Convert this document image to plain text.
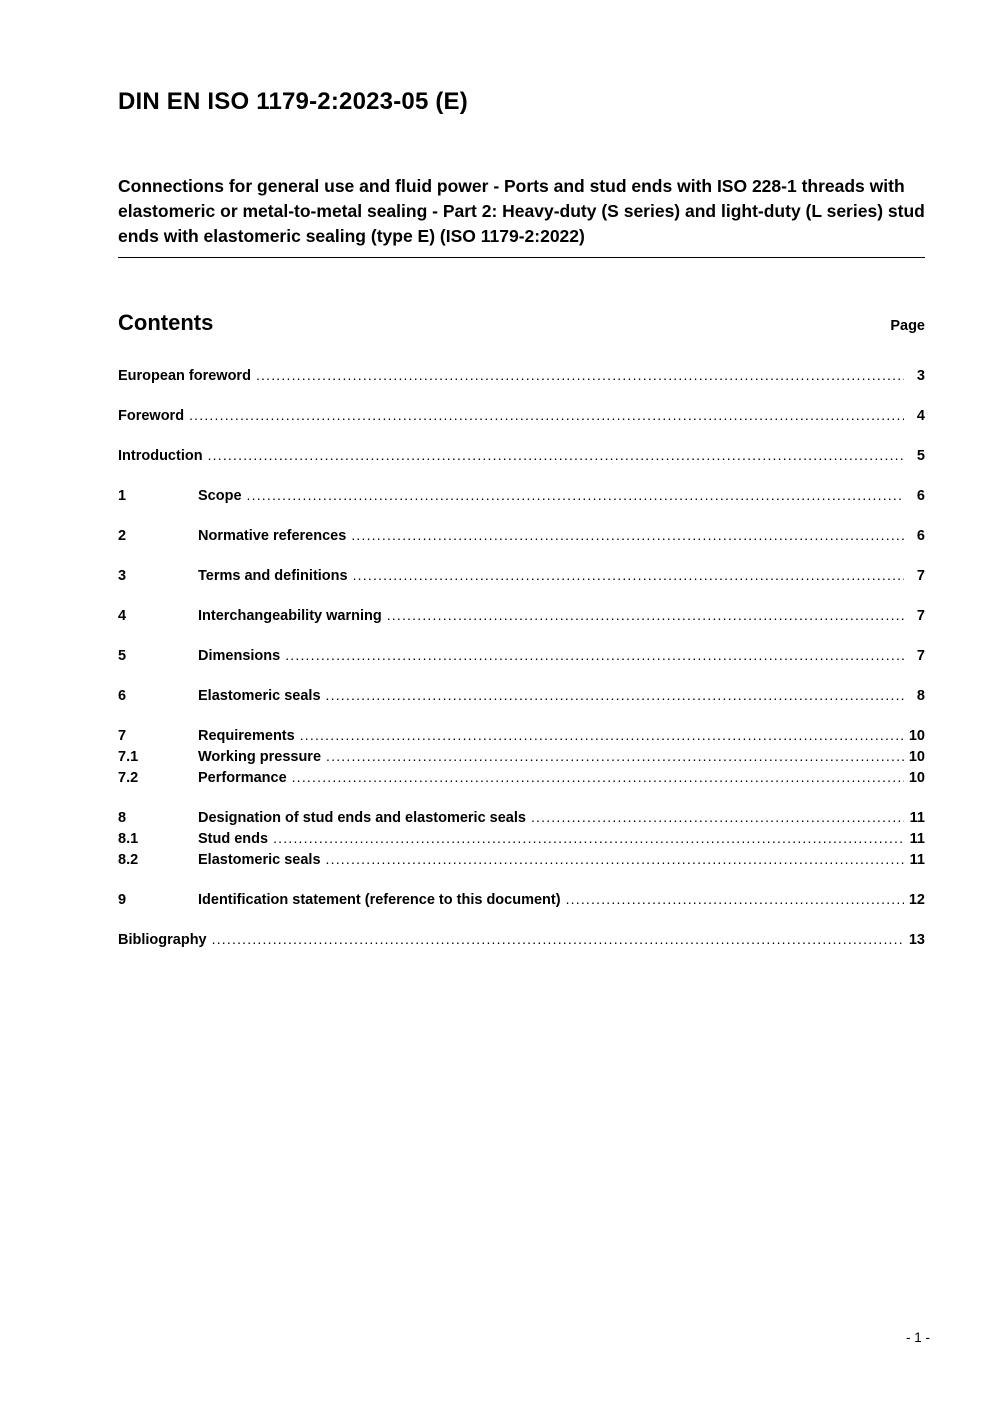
DIN EN ISO 1179-2:2023-05 (E)

Connections for general use and fluid power - Ports and stud ends with ISO 228-1 threads with elastomeric or metal-to-metal sealing - Part 2: Heavy-duty (S series) and light-duty (L series) stud ends with elastomeric sealing (type E) (ISO 1179-2:2022)

Contents	Page
European foreword .....	3
Foreword .....	4
Introduction .....	5
1	Scope .....	6
2	Normative references .....	6
3	Terms and definitions .....	7
4	Interchangeability warning .....	7
5	Dimensions .....	7
6	Elastomeric seals .....	8
7	Requirements .....	10
7.1	Working pressure .....	10
7.2	Performance .....	10
8	Designation of stud ends and elastomeric seals .....	11
8.1	Stud ends .....	11
8.2	Elastomeric seals .....	11
9	Identification statement (reference to this document) .....	12
Bibliography .....	13
- 1 -
